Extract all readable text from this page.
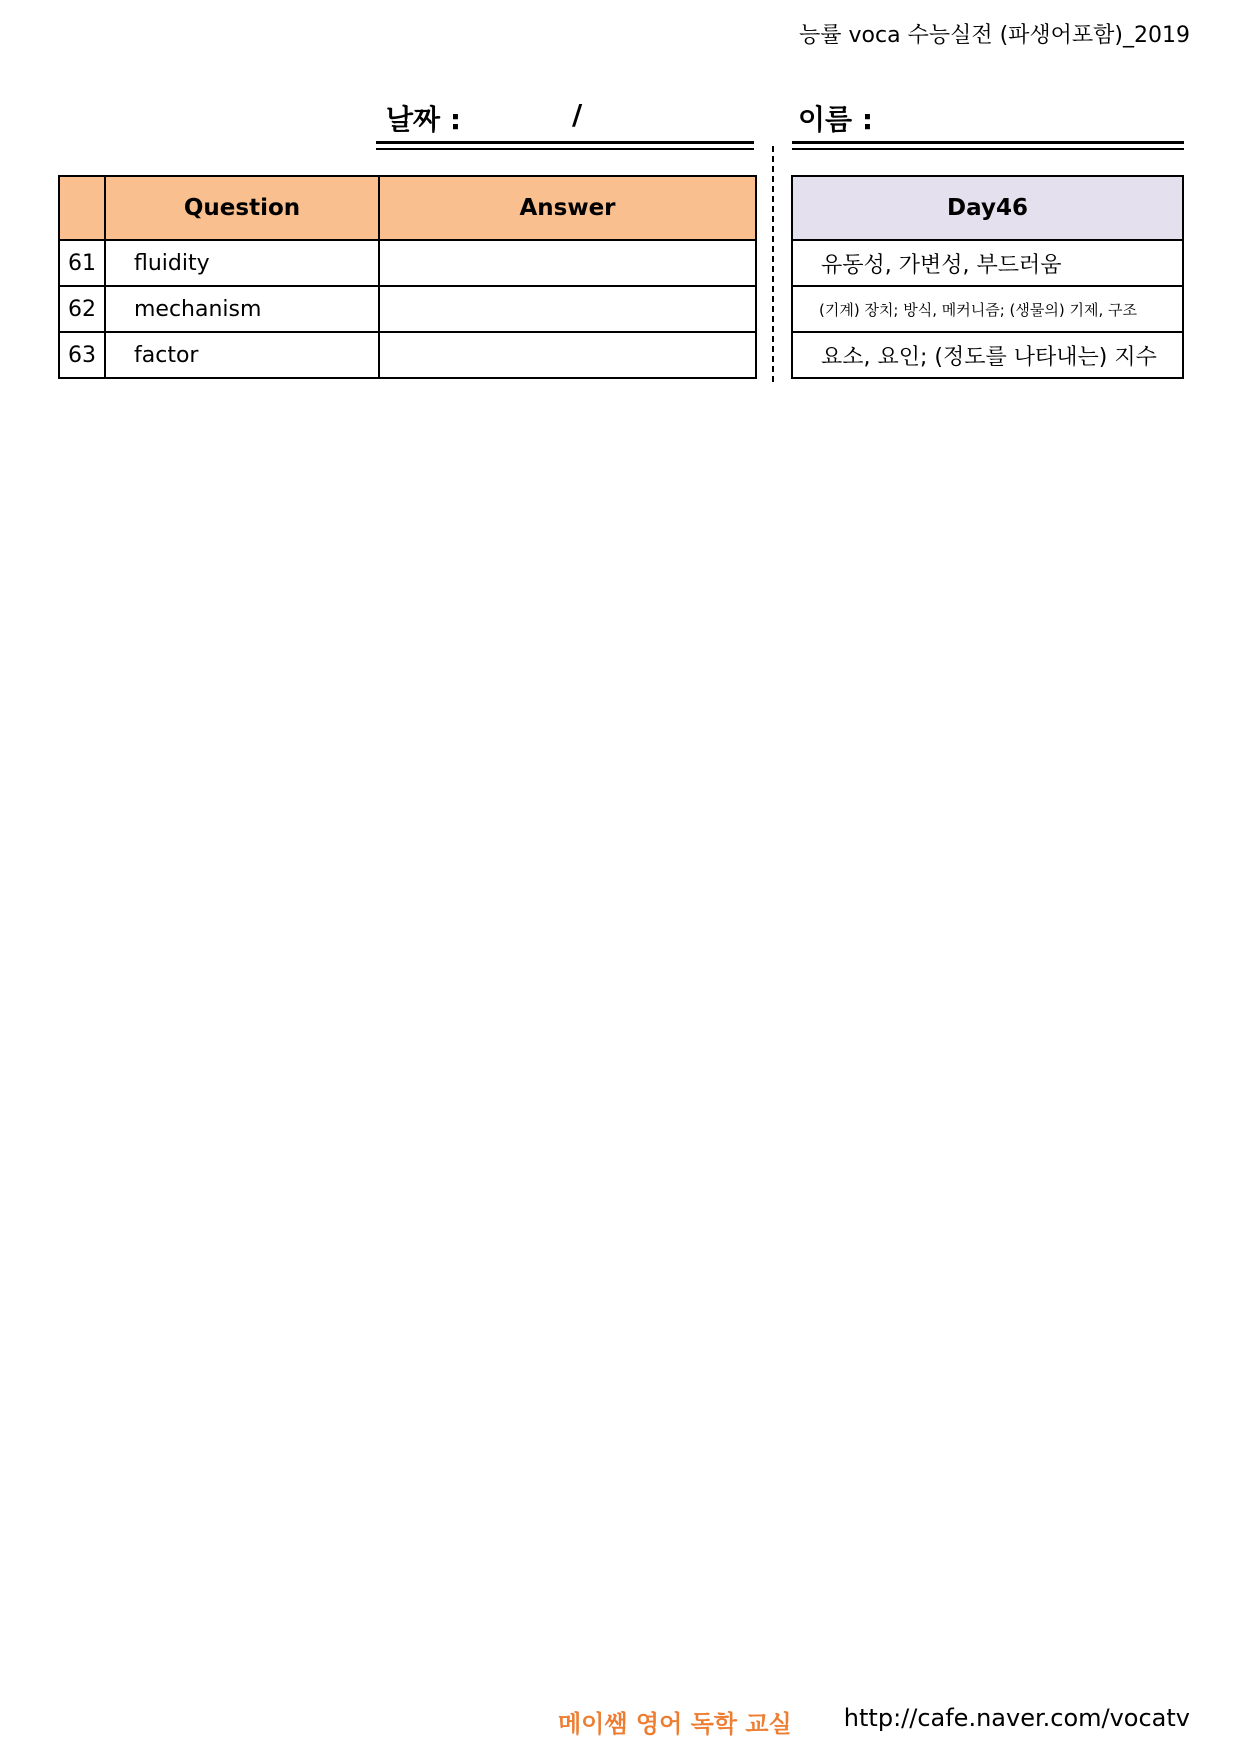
능률 voca 수능실전 (파생어포함)_2019
날짜 :	/	이름 :
	Question	Answer
61	fluidity	
62	mechanism	
63	factor	
Day46
유동성, 가변성, 부드러움
(기계) 장치; 방식, 메커니즘; (생물의) 기제, 구조
요소, 요인; (정도를 나타내는) 지수
메이쌤 영어 독학 교실 http://cafe.naver.com/vocatv
